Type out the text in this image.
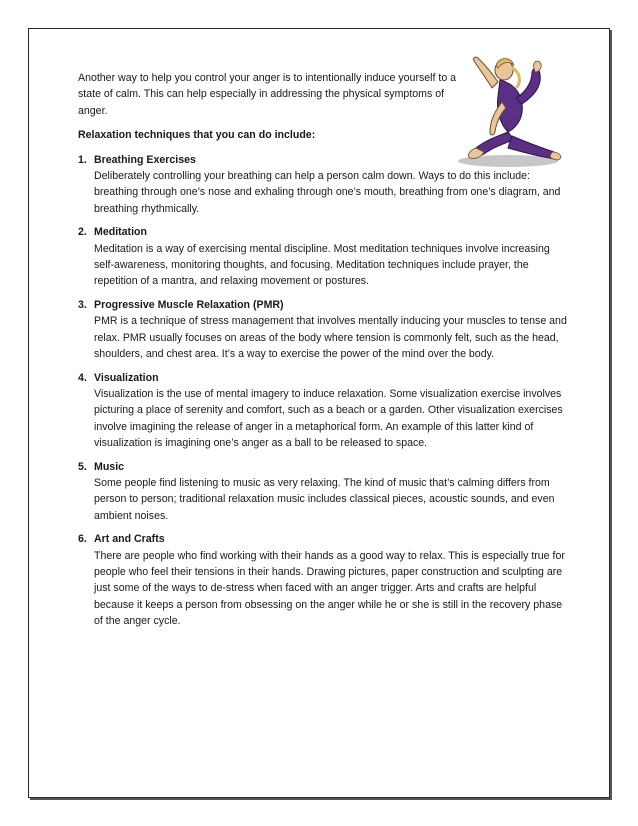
Another way to help you control your anger is to intentionally induce yourself to a state of calm. This can help especially in addressing the physical symptoms of anger.

Relaxation techniques that you can do include:

1. Breathing Exercises
Deliberately controlling your breathing can help a person calm down. Ways to do this include: breathing through one’s nose and exhaling through one’s mouth, breathing from one’s diagram, and breathing rhythmically.
2. Meditation
Meditation is a way of exercising mental discipline. Most meditation techniques involve increasing self-awareness, monitoring thoughts, and focusing. Meditation techniques include prayer, the repetition of a mantra, and relaxing movement or postures.
3. Progressive Muscle Relaxation (PMR)
PMR is a technique of stress management that involves mentally inducing your muscles to tense and relax. PMR usually focuses on areas of the body where tension is commonly felt, such as the head, shoulders, and chest area. It’s a way to exercise the power of the mind over the body.
4. Visualization
Visualization is the use of mental imagery to induce relaxation. Some visualization exercise involves picturing a place of serenity and comfort, such as a beach or a garden. Other visualization exercises involve imagining the release of anger in a metaphorical form. An example of this latter kind of visualization is imagining one’s anger as a ball to be released to space.
5. Music
Some people find listening to music as very relaxing. The kind of music that’s calming differs from person to person; traditional relaxation music includes classical pieces, acoustic sounds, and even ambient noises.
6. Art and Crafts
There are people who find working with their hands as a good way to relax. This is especially true for people who feel their tensions in their hands. Drawing pictures, paper construction and sculpting are just some of the ways to de-stress when faced with an anger trigger. Arts and crafts are helpful because it keeps a person from obsessing on the anger while he or she is still in the recovery phase of the anger cycle.
